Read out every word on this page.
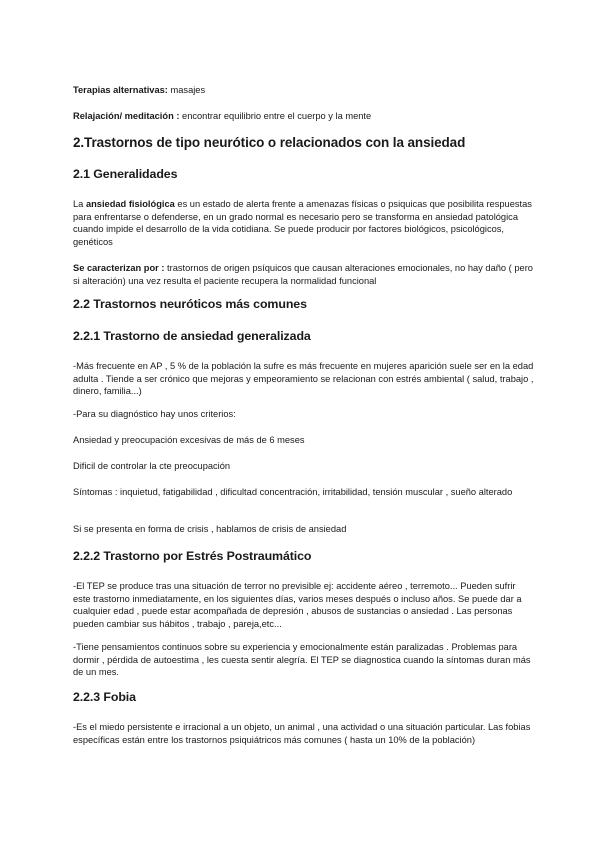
Terapias alternativas: masajes

Relajación/ meditación : encontrar equilibrio entre el cuerpo y la mente

2.Trastornos de tipo neurótico o relacionados con la ansiedad
2.1 Generalidades

La ansiedad fisiológica es un estado de alerta frente a amenazas físicas o psiquicas que posibilita respuestas para enfrentarse o defenderse, en un grado normal es necesario pero se transforma en ansiedad patológica cuando impide el desarrollo de la vida cotidiana. Se puede producir por factores biológicos, psicológicos, genéticos

Se caracterizan por : trastornos de origen psíquicos que causan alteraciones emocionales, no hay daño ( pero si alteración) una vez resulta el paciente recupera la normalidad funcional

2.2 Trastornos neuróticos más comunes
2.2.1 Trastorno de ansiedad generalizada

-Más frecuente en AP , 5 % de la población la sufre es más frecuente en mujeres aparición suele ser en la edad adulta . Tiende a ser crónico que mejoras y empeoramiento se relacionan con estrés ambiental ( salud, trabajo , dinero, familia...)

-Para su diagnóstico hay unos criterios:

Ansiedad y preocupación excesivas de más de 6 meses

Dificil de controlar la cte preocupación

Síntomas : inquietud, fatigabilidad , dificultad concentración, irritabilidad, tensión muscular , sueño alterado

Si se presenta en forma de crisis , hablamos de crisis de ansiedad

2.2.2 Trastorno por Estrés Postraumático

-El TEP se produce tras una situación de terror no previsible ej: accidente aéreo , terremoto... Pueden sufrir este trastorno inmediatamente, en los siguientes días, varios meses después o incluso años. Se puede dar a cualquier edad , puede estar acompañada de depresión , abusos de sustancias o ansiedad . Las personas pueden cambiar sus hábitos , trabajo , pareja,etc...

-Tiene pensamientos continuos sobre su experiencia y emocionalmente están paralizadas . Problemas para dormir , pérdida de autoestima , les cuesta sentir alegría. El TEP se diagnostica cuando la síntomas duran más de un mes.

2.2.3 Fobia

-Es el miedo persistente e irracional a un objeto, un animal , una actividad o una situación particular. Las fobias específicas están entre los trastornos psiquiátricos más comunes ( hasta un 10% de la población)
